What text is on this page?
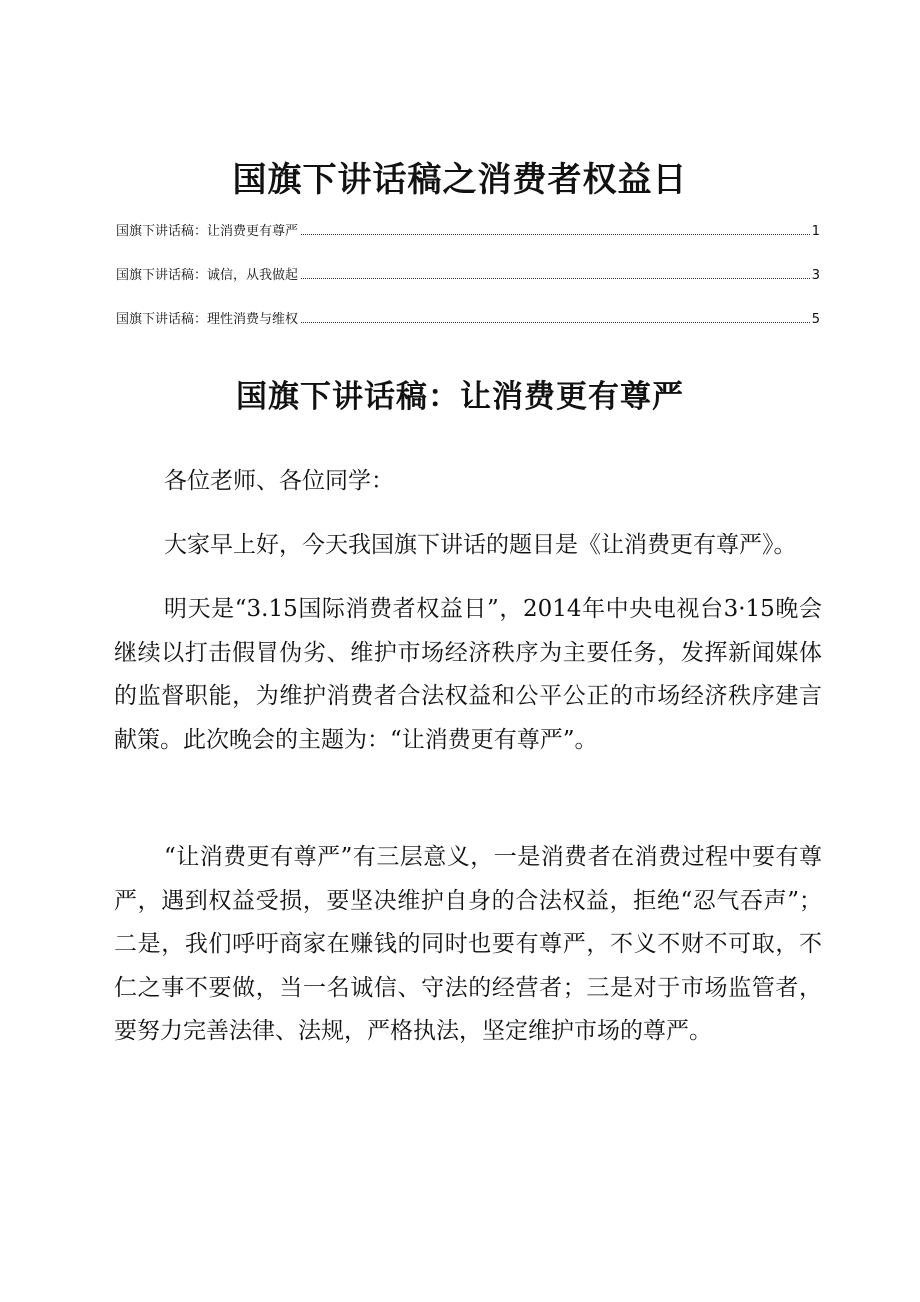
国旗下讲话稿之消费者权益日
国旗下讲话稿：让消费更有尊严	1
国旗下讲话稿：诚信，从我做起	3
国旗下讲话稿：理性消费与维权	5
国旗下讲话稿：让消费更有尊严

各位老师、各位同学：

大家早上好，今天我国旗下讲话的题目是《让消费更有尊严》。

明天是“3.15国际消费者权益日”，2014年中央电视台3·15晚会继续以打击假冒伪劣、维护市场经济秩序为主要任务，发挥新闻媒体的监督职能，为维护消费者合法权益和公平公正的市场经济秩序建言献策。此次晚会的主题为：“让消费更有尊严”。

“让消费更有尊严”有三层意义，一是消费者在消费过程中要有尊严，遇到权益受损，要坚决维护自身的合法权益，拒绝“忍气吞声”；二是，我们呼吁商家在赚钱的同时也要有尊严，不义不财不可取，不仁之事不要做，当一名诚信、守法的经营者；三是对于市场监管者，要努力完善法律、法规，严格执法，坚定维护市场的尊严。
